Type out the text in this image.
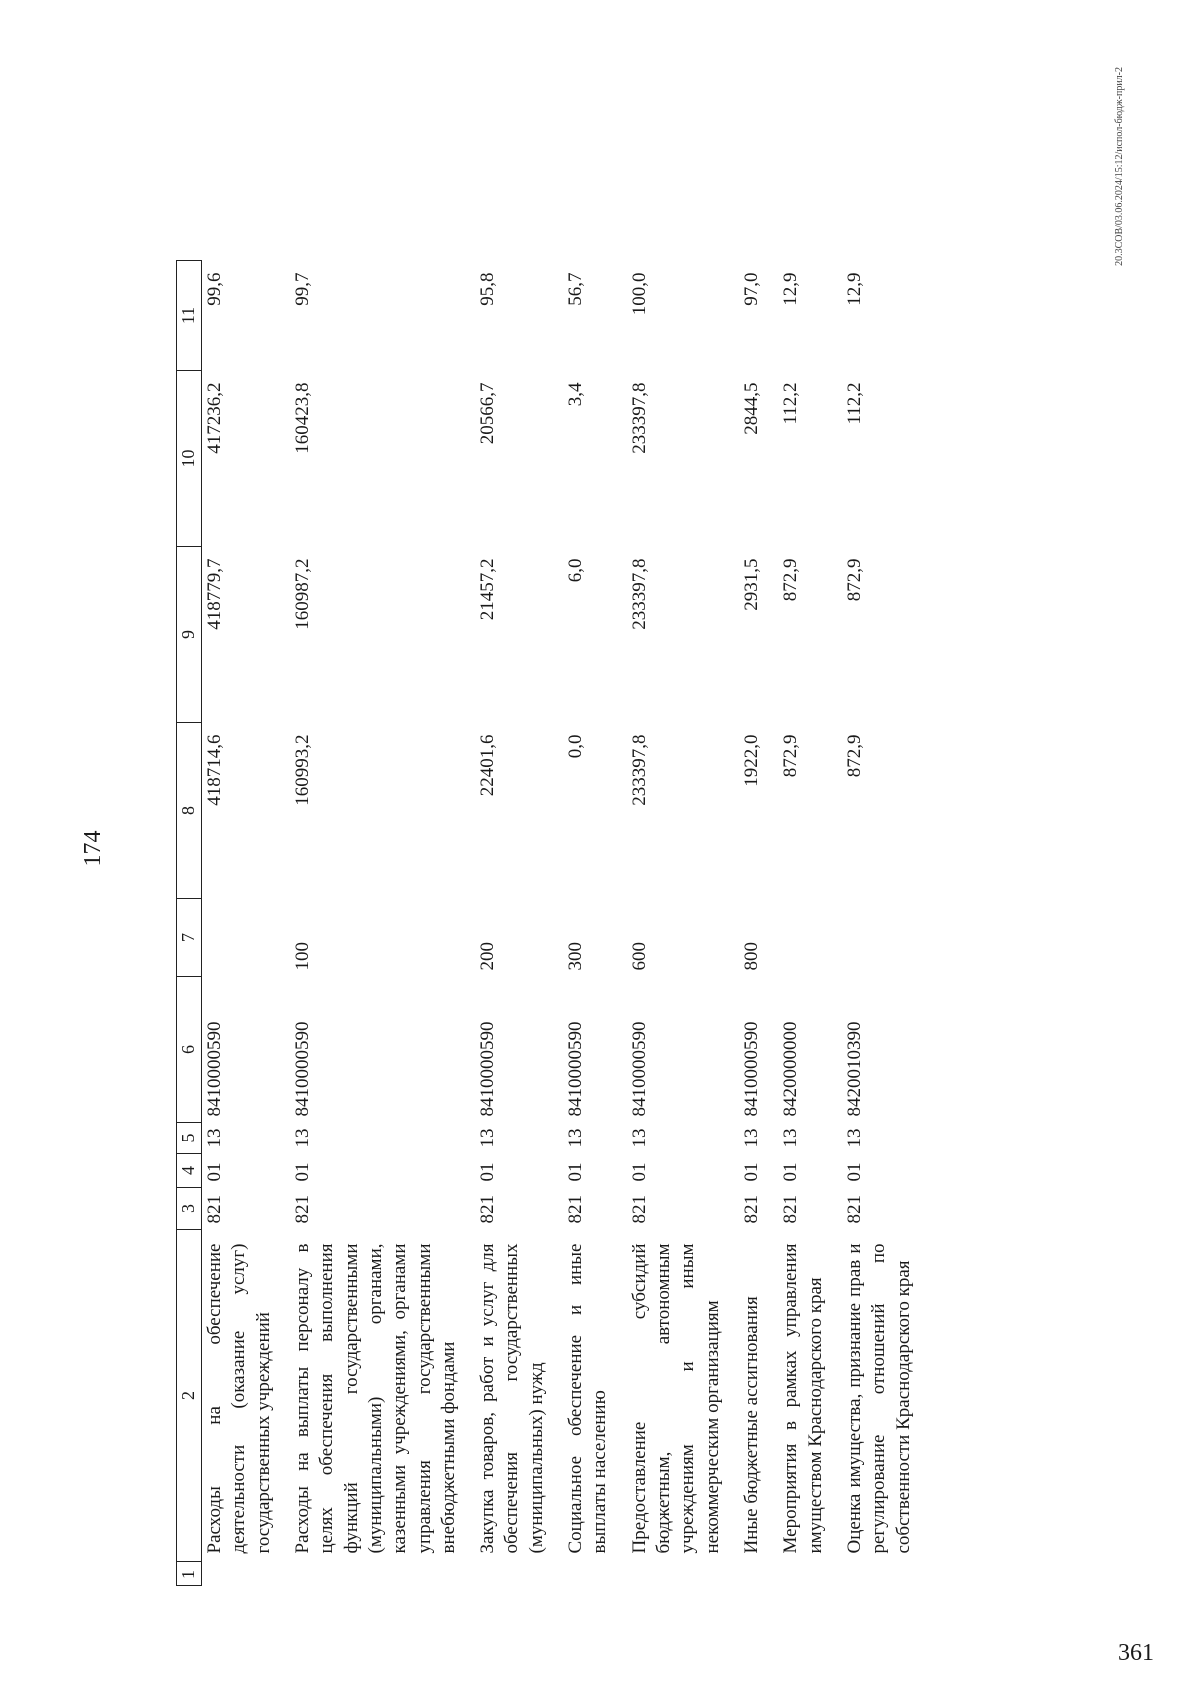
361
174
1	2	3	4	5	6	7	8	9	10	11
	Расходы на обеспечение деятельности (оказание услуг) государственных учреждений	821	01	13	8410000590		418714,6	418779,7	417236,2	99,6
	Расходы на выплаты персоналу в целях обеспечения выполнения функций государственными (муниципальными) органами, казенными учреждениями, органами управления государственными внебюджетными фондами	821	01	13	8410000590	100	160993,2	160987,2	160423,8	99,7
	Закупка товаров, работ и услуг для обеспечения государственных (муниципальных) нужд	821	01	13	8410000590	200	22401,6	21457,2	20566,7	95,8
	Социальное обеспечение и иные выплаты населению	821	01	13	8410000590	300	0,0	6,0	3,4	56,7
	Предоставление субсидий бюджетным, автономным учреждениям и иным некоммерческим организациям	821	01	13	8410000590	600	233397,8	233397,8	233397,8	100,0
	Иные бюджетные ассигнования	821	01	13	8410000590	800	1922,0	2931,5	2844,5	97,0
	Мероприятия в рамках управления имуществом Краснодарского края	821	01	13	8420000000		872,9	872,9	112,2	12,9
	Оценка имущества, признание прав и регулирование отношений по собственности Краснодарского края	821	01	13	8420010390		872,9	872,9	112,2	12,9
20.3СОВ/03.06.2024/15:12/испол-бюдж-прил-2
